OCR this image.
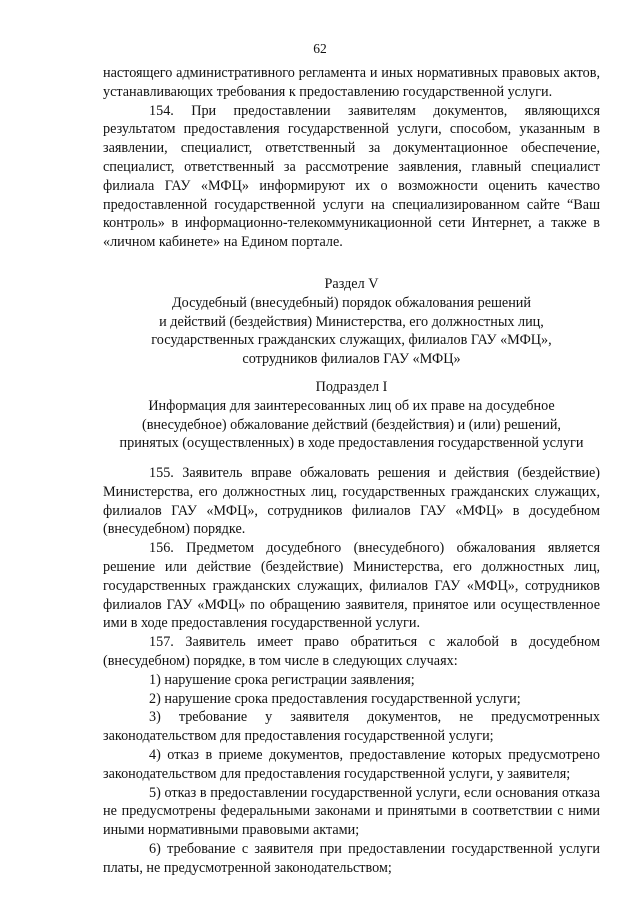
62

настоящего административного регламента и иных нормативных правовых актов, устанавливающих требования к предоставлению государственной услуги.

154. При предоставлении заявителям документов, являющихся результатом предоставления государственной услуги, способом, указанным в заявлении, специалист, ответственный за документационное обеспечение, специалист, ответственный за рассмотрение заявления, главный специалист филиала ГАУ «МФЦ» информируют их о возможности оценить качество предоставленной государственной услуги на специализированном сайте “Ваш контроль» в информационно-телекоммуникационной сети Интернет, а также в «личном кабинете» на Едином портале.

Раздел V

Досудебный (внесудебный) порядок обжалования решений

и действий (бездействия) Министерства, его должностных лиц,

государственных гражданских служащих, филиалов ГАУ «МФЦ»,

сотрудников филиалов ГАУ «МФЦ»

Подраздел I

Информация для заинтересованных лиц об их праве на досудебное

(внесудебное) обжалование действий (бездействия) и (или) решений,

принятых (осуществленных) в ходе предоставления государственной услуги

155. Заявитель вправе обжаловать решения и действия (бездействие) Министерства, его должностных лиц, государственных гражданских служащих, филиалов ГАУ «МФЦ», сотрудников филиалов ГАУ «МФЦ» в досудебном (внесудебном) порядке.

156. Предметом досудебного (внесудебного) обжалования является решение или действие (бездействие) Министерства, его должностных лиц, государственных гражданских служащих, филиалов ГАУ «МФЦ», сотрудников филиалов ГАУ «МФЦ» по обращению заявителя, принятое или осуществленное ими в ходе предоставления государственной услуги.

157. Заявитель имеет право обратиться с жалобой в досудебном (внесудебном) порядке, в том числе в следующих случаях:

1) нарушение срока регистрации заявления;

2) нарушение срока предоставления государственной услуги;

3) требование у заявителя документов, не предусмотренных законодательством для предоставления государственной услуги;

4) отказ в приеме документов, предоставление которых предусмотрено законодательством для предоставления государственной услуги, у заявителя;

5) отказ в предоставлении государственной услуги, если основания отказа не предусмотрены федеральными законами и принятыми в соответствии с ними иными нормативными правовыми актами;

6) требование с заявителя при предоставлении государственной услуги платы, не предусмотренной законодательством;
